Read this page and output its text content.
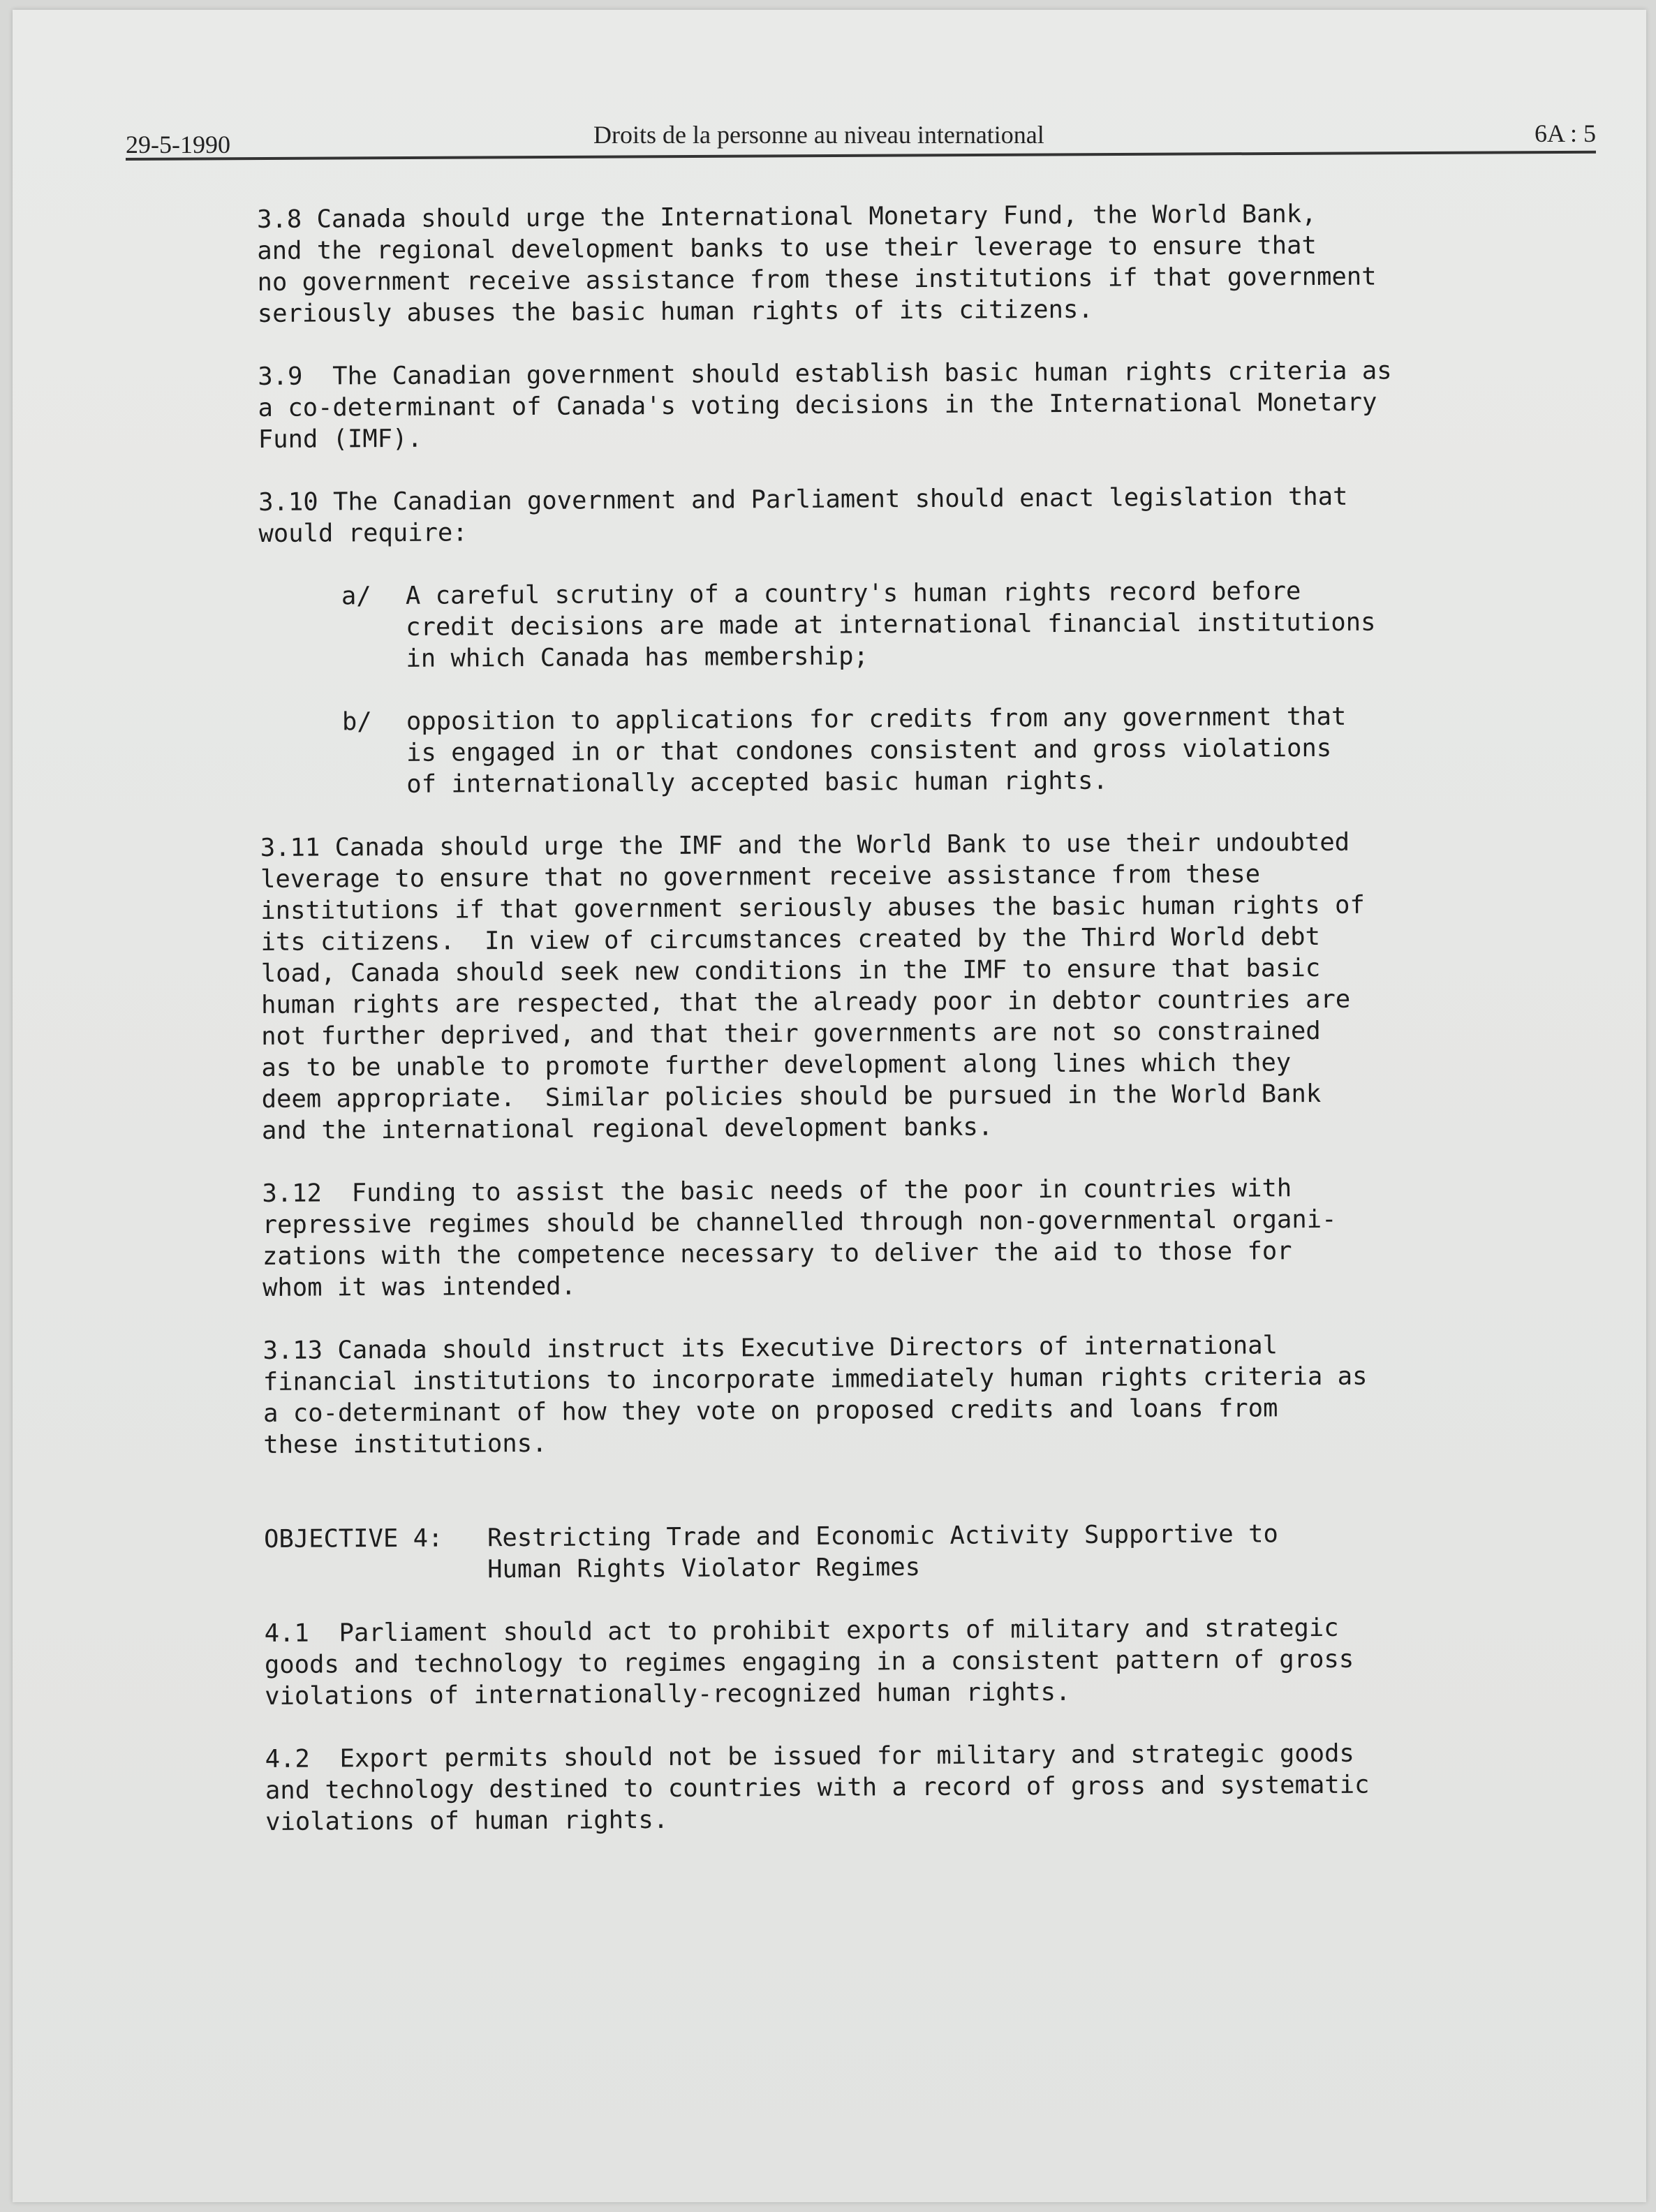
29-5-1990	Droits de la personne au niveau international	6A : 5
3.8 Canada should urge the International Monetary Fund, the World Bank,
and the regional development banks to use their leverage to ensure that
no government receive assistance from these institutions if that government
seriously abuses the basic human rights of its citizens.
3.9  The Canadian government should establish basic human rights criteria as
a co-determinant of Canada's voting decisions in the International Monetary
Fund (IMF).
3.10 The Canadian government and Parliament should enact legislation that
would require:
a/	A careful scrutiny of a country's human rights record before
credit decisions are made at international financial institutions
in which Canada has membership;
b/	opposition to applications for credits from any government that
is engaged in or that condones consistent and gross violations
of internationally accepted basic human rights.
3.11 Canada should urge the IMF and the World Bank to use their undoubted
leverage to ensure that no government receive assistance from these
institutions if that government seriously abuses the basic human rights of
its citizens.  In view of circumstances created by the Third World debt
load, Canada should seek new conditions in the IMF to ensure that basic
human rights are respected, that the already poor in debtor countries are
not further deprived, and that their governments are not so constrained
as to be unable to promote further development along lines which they
deem appropriate.  Similar policies should be pursued in the World Bank
and the international regional development banks.
3.12  Funding to assist the basic needs of the poor in countries with
repressive regimes should be channelled through non-governmental organi-
zations with the competence necessary to deliver the aid to those for
whom it was intended.
3.13 Canada should instruct its Executive Directors of international
financial institutions to incorporate immediately human rights criteria as
a co-determinant of how they vote on proposed credits and loans from
these institutions.
OBJECTIVE 4:	Restricting Trade and Economic Activity Supportive to
Human Rights Violator Regimes
4.1  Parliament should act to prohibit exports of military and strategic
goods and technology to regimes engaging in a consistent pattern of gross
violations of internationally-recognized human rights.
4.2  Export permits should not be issued for military and strategic goods
and technology destined to countries with a record of gross and systematic
violations of human rights.
